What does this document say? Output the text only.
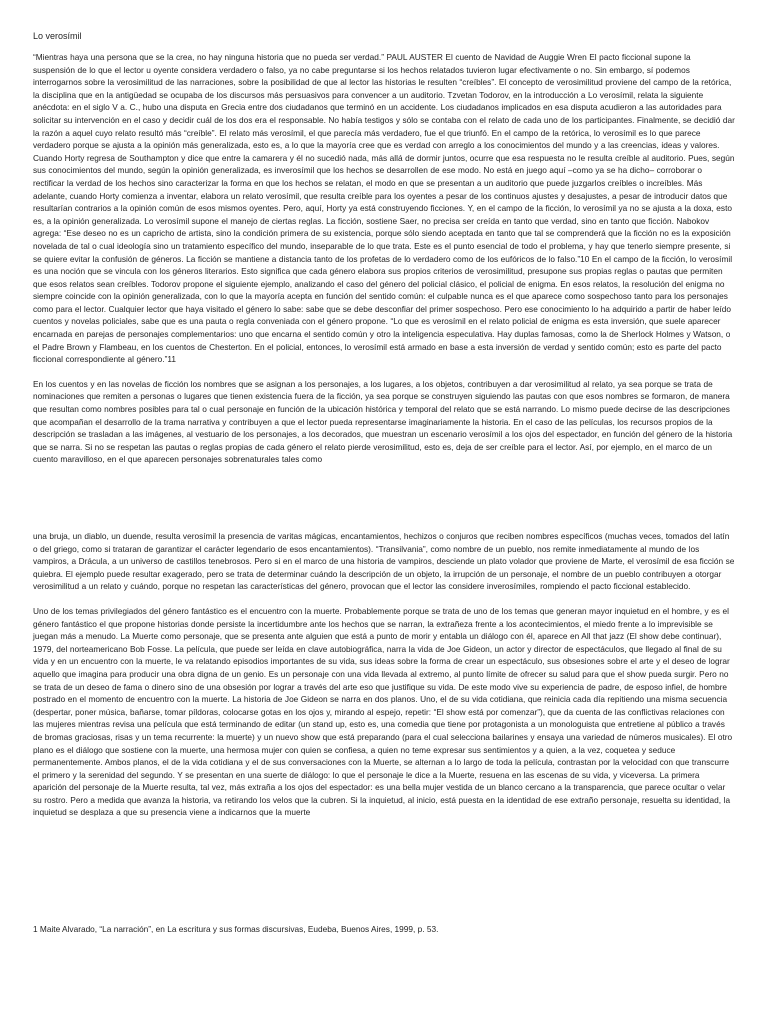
Lo verosímil

“Mientras haya una persona que se la crea, no hay ninguna historia que no pueda ser verdad.” PAUL AUSTER El cuento de Navidad de Auggie Wren El pacto ficcional supone la suspensión de lo que el lector u oyente considera verdadero o falso, ya no cabe preguntarse si los hechos relatados tuvieron lugar efectivamente o no. Sin embargo, sí podemos interrogarnos sobre la verosimilitud de las narraciones, sobre la posibilidad de que al lector las historias le resulten “creíbles”. El concepto de verosimilitud proviene del campo de la retórica, la disciplina que en la antigüedad se ocupaba de los discursos más persuasivos para convencer a un auditorio. Tzvetan Todorov, en la introducción a Lo verosímil, relata la siguiente anécdota: en el siglo V a. C., hubo una disputa en Grecia entre dos ciudadanos que terminó en un accidente. Los ciudadanos implicados en esa disputa acudieron a las autoridades para solicitar su intervención en el caso y decidir cuál de los dos era el responsable. No había testigos y sólo se contaba con el relato de cada uno de los participantes. Finalmente, se decidió dar la razón a aquel cuyo relato resultó más “creíble”. El relato más verosímil, el que parecía más verdadero, fue el que triunfó. En el campo de la retórica, lo verosímil es lo que parece verdadero porque se ajusta a la opinión más generalizada, esto es, a lo que la mayoría cree que es verdad con arreglo a los conocimientos del mundo y a las creencias, ideas y valores. Cuando Horty regresa de Southampton y dice que entre la camarera y él no sucedió nada, más allá de dormir juntos, ocurre que esa respuesta no le resulta creíble al auditorio. Pues, según sus conocimientos del mundo, según la opinión generalizada, es inverosímil que los hechos se desarrollen de ese modo. No está en juego aquí –como ya se ha dicho– corroborar o rectificar la verdad de los hechos sino caracterizar la forma en que los hechos se relatan, el modo en que se presentan a un auditorio que puede juzgarlos creíbles o increíbles. Más adelante, cuando Horty comienza a inventar, elabora un relato verosímil, que resulta creíble para los oyentes a pesar de los continuos ajustes y desajustes, a pesar de introducir datos que resultarían contrarios a la opinión común de esos mismos oyentes. Pero, aquí, Horty ya está construyendo ficciones. Y, en el campo de la ficción, lo verosímil ya no se ajusta a la doxa, esto es, a la opinión generalizada. Lo verosímil supone el manejo de ciertas reglas. La ficción, sostiene Saer, no precisa ser creída en tanto que verdad, sino en tanto que ficción. Nabokov agrega: “Ese deseo no es un capricho de artista, sino la condición primera de su existencia, porque sólo siendo aceptada en tanto que tal se comprenderá que la ficción no es la exposición novelada de tal o cual ideología sino un tratamiento específico del mundo, inseparable de lo que trata. Este es el punto esencial de todo el problema, y hay que tenerlo siempre presente, si se quiere evitar la confusión de géneros. La ficción se mantiene a distancia tanto de los profetas de lo verdadero como de los eufóricos de lo falso.”10 En el campo de la ficción, lo verosímil es una noción que se vincula con los géneros literarios. Esto significa que cada género elabora sus propios criterios de verosimilitud, presupone sus propias reglas o pautas que permiten que esos relatos sean creíbles. Todorov propone el siguiente ejemplo, analizando el caso del género del policial clásico, el policial de enigma. En esos relatos, la resolución del enigma no siempre coincide con la opinión generalizada, con lo que la mayoría acepta en función del sentido común: el culpable nunca es el que aparece como sospechoso tanto para los personajes como para el lector. Cualquier lector que haya visitado el género lo sabe: sabe que se debe desconfiar del primer sospechoso. Pero ese conocimiento lo ha adquirido a partir de haber leído cuentos y novelas policiales, sabe que es una pauta o regla conveniada con el género propone. “Lo que es verosímil en el relato policial de enigma es esta inversión, que suele aparecer encarnada en parejas de personajes complementarios: uno que encarna el sentido común y otro la inteligencia especulativa. Hay duplas famosas, como la de Sherlock Holmes y Watson, o el Padre Brown y Flambeau, en los cuentos de Chesterton. En el policial, entonces, lo verosímil está armado en base a esta inversión de verdad y sentido común; esto es parte del pacto ficcional correspondiente al género.”11

En los cuentos y en las novelas de ficción los nombres que se asignan a los personajes, a los lugares, a los objetos, contribuyen a dar verosimilitud al relato, ya sea porque se trata de nominaciones que remiten a personas o lugares que tienen existencia fuera de la ficción, ya sea porque se construyen siguiendo las pautas con que esos nombres se formaron, de manera que resultan como nombres posibles para tal o cual personaje en función de la ubicación histórica y temporal del relato que se está narrando. Lo mismo puede decirse de las descripciones que acompañan el desarrollo de la trama narrativa y contribuyen a que el lector pueda representarse imaginariamente la historia. En el caso de las películas, los recursos propios de la descripción se trasladan a las imágenes, al vestuario de los personajes, a los decorados, que muestran un escenario verosímil a los ojos del espectador, en función del género de la historia que se narra. Si no se respetan las pautas o reglas propias de cada género el relato pierde verosimilitud, esto es, deja de ser creíble para el lector. Así, por ejemplo, en el marco de un cuento maravilloso, en el que aparecen personajes sobrenaturales tales como

una bruja, un diablo, un duende, resulta verosímil la presencia de varitas mágicas, encantamientos, hechizos o conjuros que reciben nombres específicos (muchas veces, tomados del latín o del griego, como si trataran de garantizar el carácter legendario de esos encantamientos). “Transilvania”, como nombre de un pueblo, nos remite inmediatamente al mundo de los vampiros, a Drácula, a un universo de castillos tenebrosos. Pero si en el marco de una historia de vampiros, desciende un plato volador que proviene de Marte, el verosímil de esa ficción se quiebra. El ejemplo puede resultar exagerado, pero se trata de determinar cuándo la descripción de un objeto, la irrupción de un personaje, el nombre de un pueblo contribuyen a otorgar verosimilitud a un relato y cuándo, porque no respetan las características del género, provocan que el lector las considere inverosímiles, rompiendo el pacto ficcional establecido.

Uno de los temas privilegiados del género fantástico es el encuentro con la muerte. Probablemente porque se trata de uno de los temas que generan mayor inquietud en el hombre, y es el género fantástico el que propone historias donde persiste la incertidumbre ante los hechos que se narran, la extrañeza frente a los acontecimientos, el miedo frente a lo imprevisible se juegan más a menudo. La Muerte como personaje, que se presenta ante alguien que está a punto de morir y entabla un diálogo con él, aparece en All that jazz (El show debe continuar), 1979, del norteamericano Bob Fosse. La película, que puede ser leída en clave autobiográfica, narra la vida de Joe Gideon, un actor y director de espectáculos, que llegado al final de su vida y en un encuentro con la muerte, le va relatando episodios importantes de su vida, sus ideas sobre la forma de crear un espectáculo, sus obsesiones sobre el arte y el deseo de lograr aquello que imagina para producir una obra digna de un genio. Es un personaje con una vida llevada al extremo, al punto límite de ofrecer su salud para que el show pueda surgir. Pero no se trata de un deseo de fama o dinero sino de una obsesión por lograr a través del arte eso que justifique su vida. De este modo vive su experiencia de padre, de esposo infiel, de hombre postrado en el momento de encuentro con la muerte. La historia de Joe Gideon se narra en dos planos. Uno, el de su vida cotidiana, que reinicia cada día repitiendo una misma secuencia (despertar, poner música, bañarse, tomar píldoras, colocarse gotas en los ojos y, mirando al espejo, repetir: “El show está por comenzar”), que da cuenta de las conflictivas relaciones con las mujeres mientras revisa una película que está terminando de editar (un stand up, esto es, una comedia que tiene por protagonista a un monologuista que entretiene al público a través de bromas graciosas, risas y un tema recurrente: la muerte) y un nuevo show que está preparando (para el cual selecciona bailarines y ensaya una variedad de números musicales). El otro plano es el diálogo que sostiene con la muerte, una hermosa mujer con quien se confiesa, a quien no teme expresar sus sentimientos y a quien, a la vez, coquetea y seduce permanentemente. Ambos planos, el de la vida cotidiana y el de sus conversaciones con la Muerte, se alternan a lo largo de toda la película, contrastan por la velocidad con que transcurre el primero y la serenidad del segundo. Y se presentan en una suerte de diálogo: lo que el personaje le dice a la Muerte, resuena en las escenas de su vida, y viceversa. La primera aparición del personaje de la Muerte resulta, tal vez, más extraña a los ojos del espectador: es una bella mujer vestida de un blanco cercano a la transparencia, que parece ocultar o velar su rostro. Pero a medida que avanza la historia, va retirando los velos que la cubren. Si la inquietud, al inicio, está puesta en la identidad de ese extraño personaje, resuelta su identidad, la inquietud se desplaza a que su presencia viene a indicarnos que la muerte

1 Maite Alvarado, “La narración”, en La escritura y sus formas discursivas, Eudeba, Buenos Aires, 1999, p. 53.
